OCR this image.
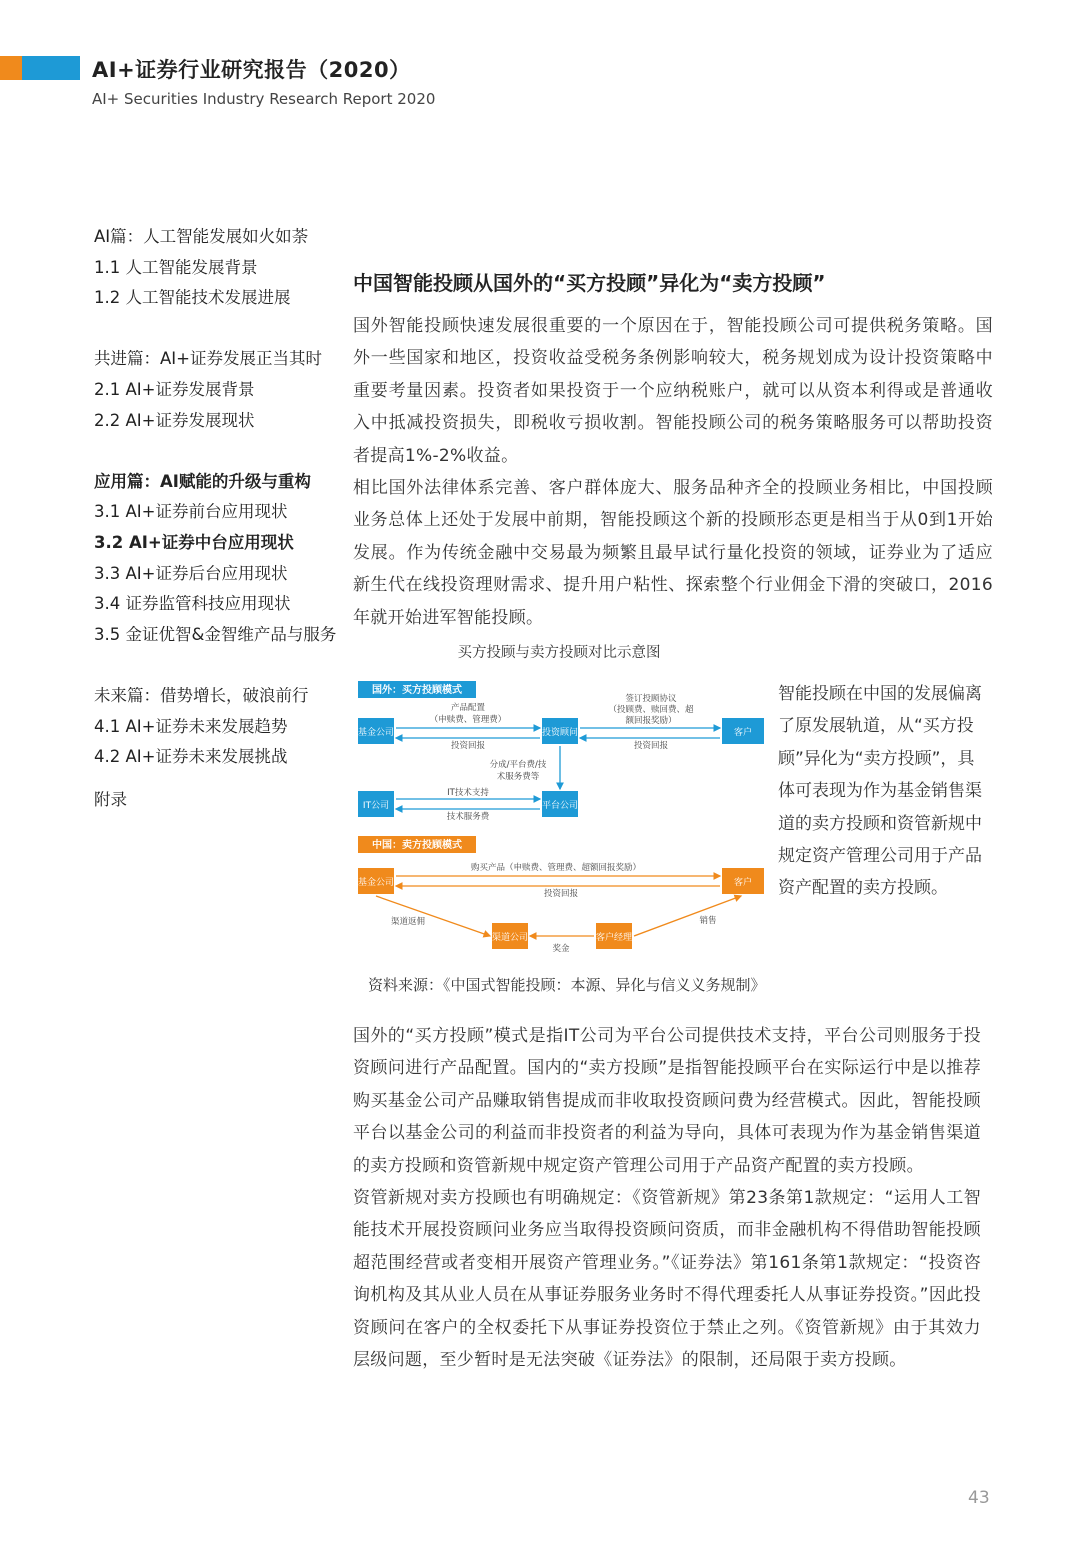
AI+证券行业研究报告（2020）
AI+ Securities Industry Research Report 2020
AI篇：人工智能发展如火如荼
1.1 人工智能发展背景
1.2 人工智能技术发展进展
共进篇：AI+证券发展正当其时
2.1 AI+证券发展背景
2.2 AI+证券发展现状
应用篇：AI赋能的升级与重构
3.1 AI+证券前台应用现状
3.2 AI+证券中台应用现状
3.3 AI+证券后台应用现状
3.4 证券监管科技应用现状
3.5 金证优智&金智维产品与服务
未来篇：借势增长，破浪前行
4.1 AI+证券未来发展趋势
4.2 AI+证券未来发展挑战
附录
中国智能投顾从国外的“买方投顾”异化为“卖方投顾”

国外智能投顾快速发展很重要的一个原因在于，智能投顾公司可提供税务策略。国外一些国家和地区，投资收益受税务条例影响较大，税务规划成为设计投资策略中重要考量因素。投资者如果投资于一个应纳税账户，就可以从资本利得或是普通收入中抵减投资损失，即税收亏损收割。智能投顾公司的税务策略服务可以帮助投资者提高1%-2%收益。

相比国外法律体系完善、客户群体庞大、服务品种齐全的投顾业务相比，中国投顾业务总体上还处于发展中前期，智能投顾这个新的投顾形态更是相当于从0到1开始发展。作为传统金融中交易最为频繁且最早试行量化投资的领域，证券业为了适应新生代在线投资理财需求、提升用户粘性、探索整个行业佣金下滑的突破口，2016年就开始进军智能投顾。

买方投顾与卖方投顾对比示意图
国外：买方投顾模式
基金公司	投资顾问	客户
IT公司	平台公司
产品配置
（申赎费、管理费）
投资回报
签订投顾协议
（投顾费、赎回费、超
额回报奖励）
投资回报
分成/平台费/技
术服务费等
IT技术支持
技术服务费
中国：卖方投顾模式
基金公司	客户
渠道公司	客户经理
购买产品（申赎费、管理费、超额回报奖励）
投资回报
渠道返佣	销售
奖金
智能投顾在中国的发展偏离了原发展轨道，从“买方投顾”异化为“卖方投顾”，具体可表现为作为基金销售渠道的卖方投顾和资管新规中规定资产管理公司用于产品资产配置的卖方投顾。
资料来源：《中国式智能投顾：本源、异化与信义义务规制》

国外的“买方投顾”模式是指IT公司为平台公司提供技术支持，平台公司则服务于投资顾问进行产品配置。国内的“卖方投顾”是指智能投顾平台在实际运行中是以推荐购买基金公司产品赚取销售提成而非收取投资顾问费为经营模式。因此，智能投顾平台以基金公司的利益而非投资者的利益为导向，具体可表现为作为基金销售渠道的卖方投顾和资管新规中规定资产管理公司用于产品资产配置的卖方投顾。

资管新规对卖方投顾也有明确规定：《资管新规》第23条第1款规定：“运用人工智能技术开展投资顾问业务应当取得投资顾问资质，而非金融机构不得借助智能投顾超范围经营或者变相开展资产管理业务。”《证券法》第161条第1款规定：“投资咨询机构及其从业人员在从事证券服务业务时不得代理委托人从事证券投资。”因此投资顾问在客户的全权委托下从事证券投资位于禁止之列。《资管新规》由于其效力层级问题，至少暂时是无法突破《证券法》的限制，还局限于卖方投顾。

43
